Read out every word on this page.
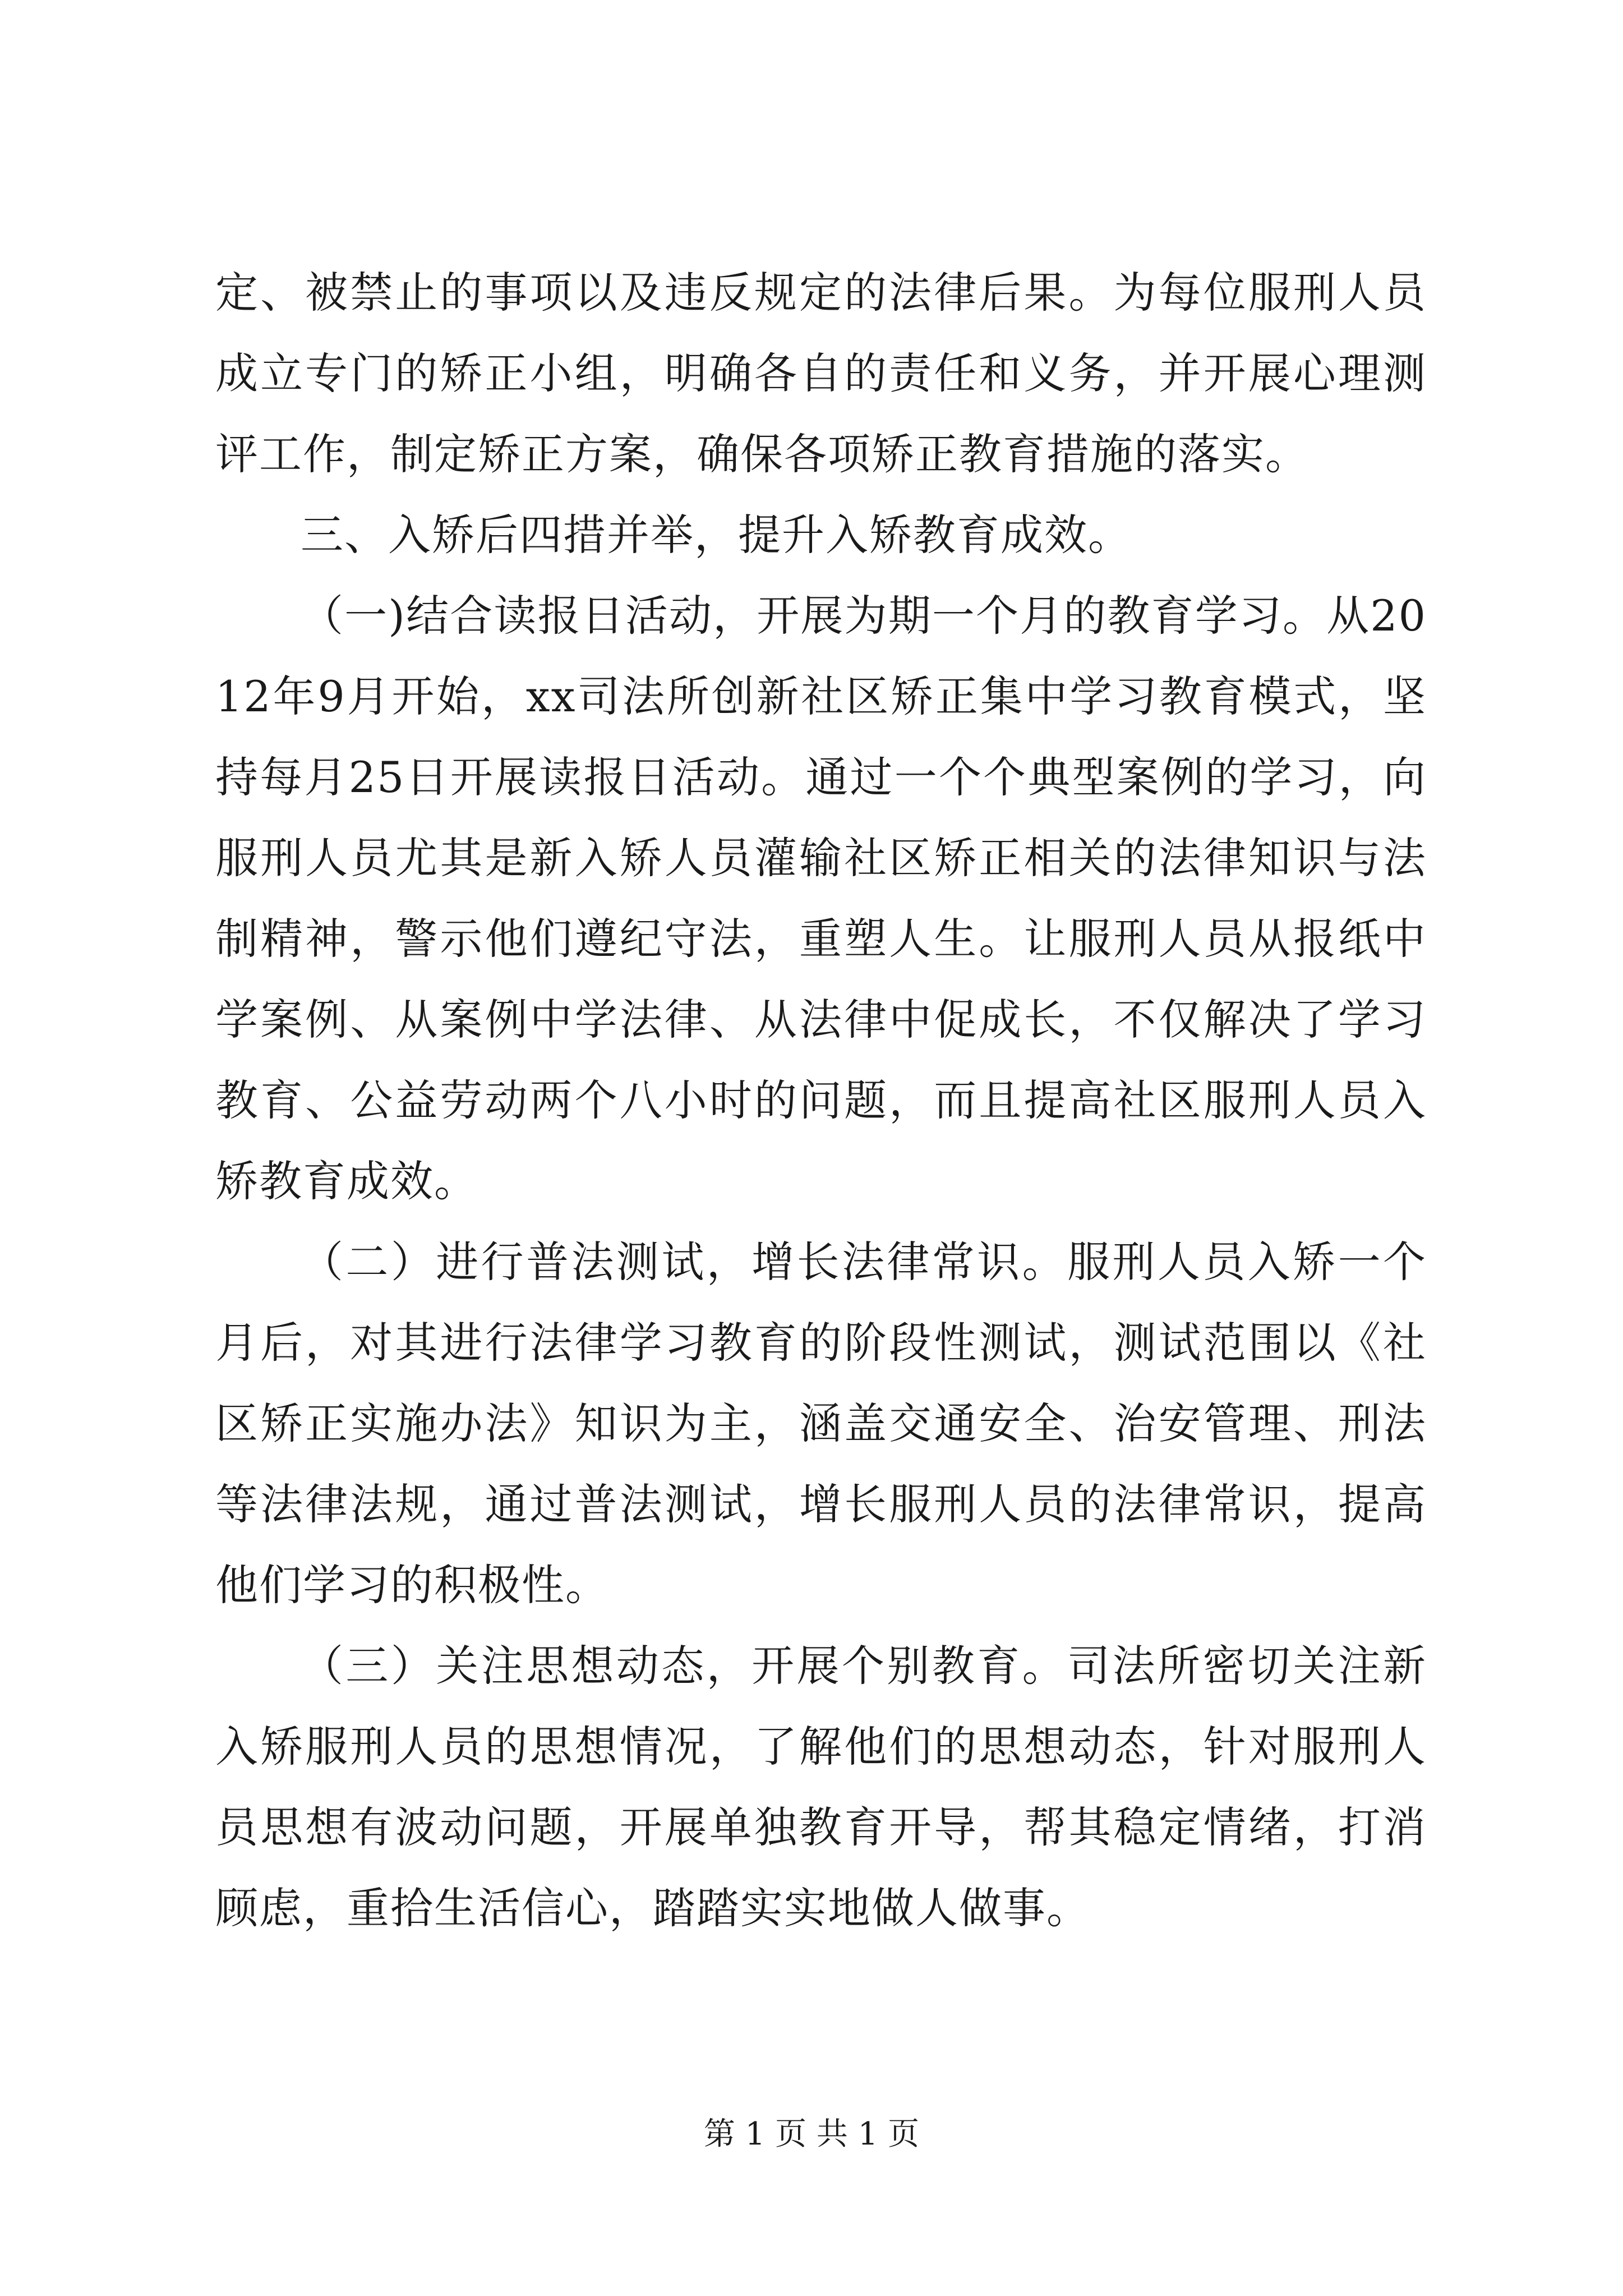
定、被禁止的事项以及违反规定的法律后果。为每位服刑人员成立专门的矫正小组，明确各自的责任和义务，并开展心理测评工作，制定矫正方案，确保各项矫正教育措施的落实。

三、入矫后四措并举，提升入矫教育成效。

（一)结合读报日活动，开展为期一个月的教育学习。从2012年9月开始，xx司法所创新社区矫正集中学习教育模式，坚持每月25日开展读报日活动。通过一个个典型案例的学习，向服刑人员尤其是新入矫人员灌输社区矫正相关的法律知识与法制精神，警示他们遵纪守法，重塑人生。让服刑人员从报纸中学案例、从案例中学法律、从法律中促成长，不仅解决了学习教育、公益劳动两个八小时的问题，而且提高社区服刑人员入矫教育成效。

（二）进行普法测试，增长法律常识。服刑人员入矫一个月后，对其进行法律学习教育的阶段性测试，测试范围以《社区矫正实施办法》知识为主，涵盖交通安全、治安管理、刑法等法律法规，通过普法测试，增长服刑人员的法律常识，提高他们学习的积极性。

（三）关注思想动态，开展个别教育。司法所密切关注新入矫服刑人员的思想情况，了解他们的思想动态，针对服刑人员思想有波动问题，开展单独教育开导，帮其稳定情绪，打消顾虑，重拾生活信心，踏踏实实地做人做事。

第 1 页 共 1 页
